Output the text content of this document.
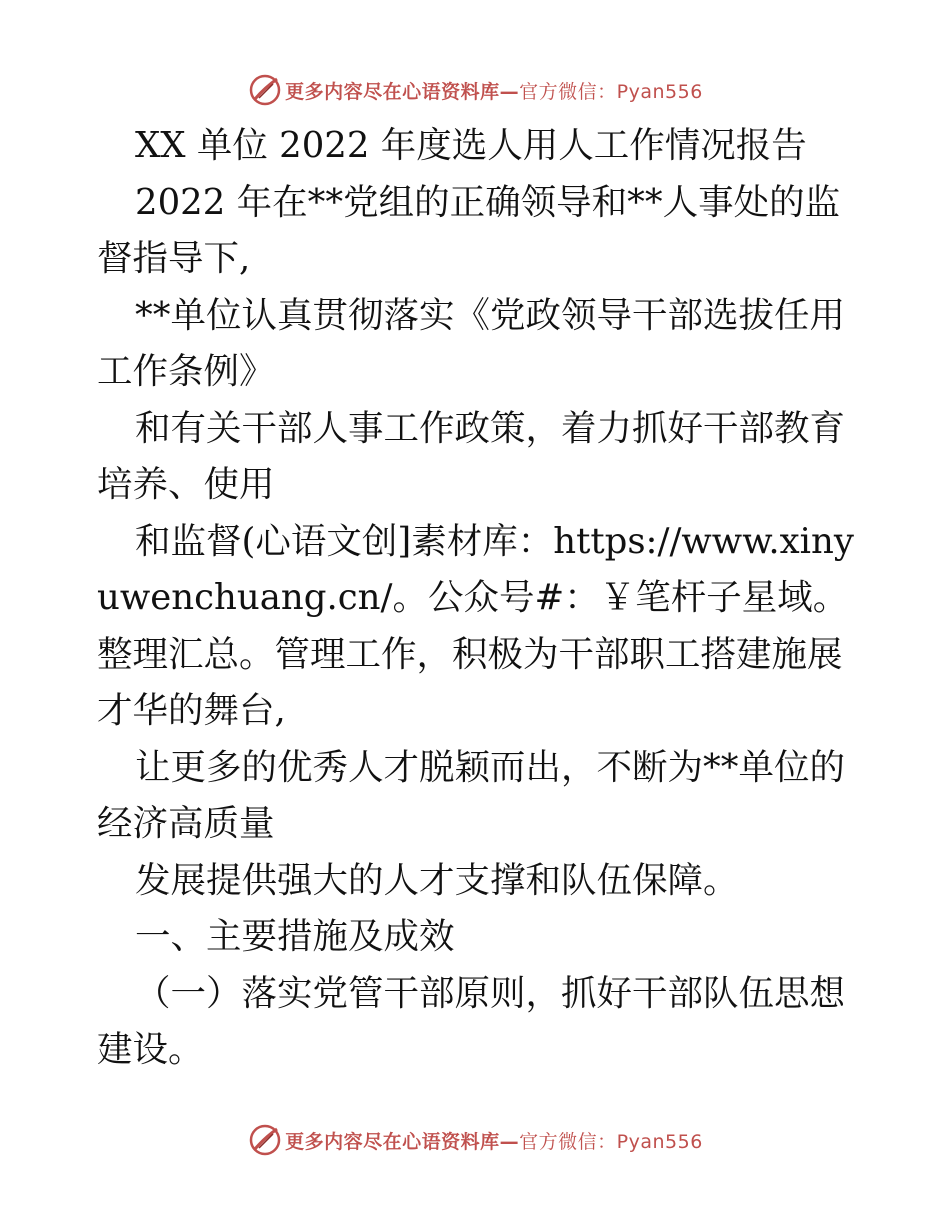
更多内容尽在心语资料库— 官方微信：Pyan556

XX 单位 2022 年度选人用人工作情况报告

2022 年在**党组的正确领导和**人事处的监督指导下,

**单位认真贯彻落实《党政领导干部选拔任用工作条例》

和有关干部人事工作政策，着力抓好干部教育培养、使用

和监督(心语文创]素材库：https://www.xinyuwenchuang.cn/。公众号#：￥笔杆子星域。整理汇总。管理工作，积极为干部职工搭建施展才华的舞台,

让更多的优秀人才脱颖而出，不断为**单位的经济高质量

发展提供强大的人才支撑和队伍保障。

一、主要措施及成效

（一）落实党管干部原则，抓好干部队伍思想建设。

更多内容尽在心语资料库— 官方微信：Pyan556
